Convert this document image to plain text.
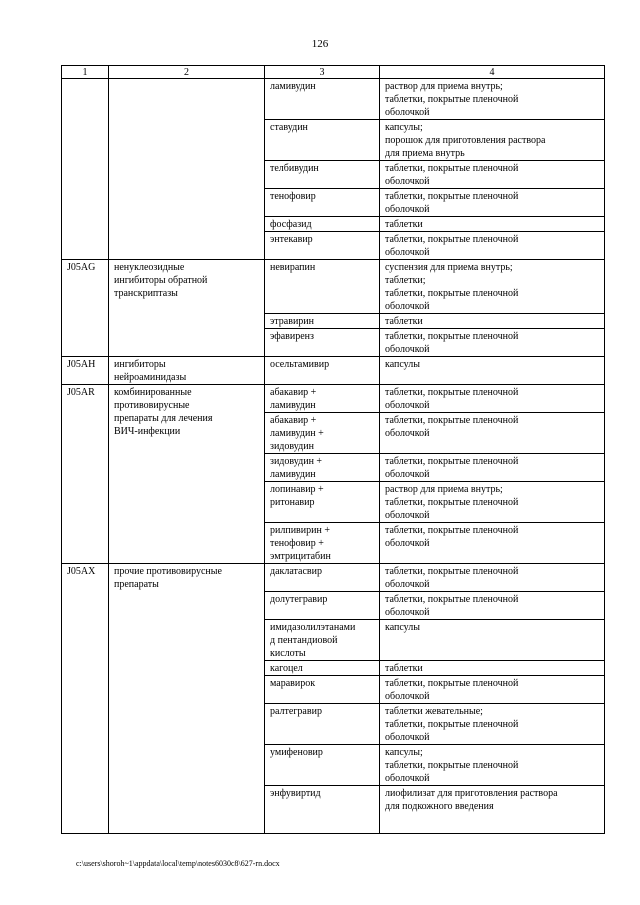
126
1	2	3	4

		ламивудин	раствор для приема внутрь;
таблетки, покрытые пленочной
оболочкой

		ставудин	капсулы;
порошок для приготовления раствора
для приема внутрь

		телбивудин	таблетки, покрытые пленочной
оболочкой

		тенофовир	таблетки, покрытые пленочной
оболочкой

		фосфазид	таблетки

		энтекавир	таблетки, покрытые пленочной
оболочкой

J05AG	ненуклеозидные
ингибиторы обратной
транскриптазы	невирапин	суспензия для приема внутрь;
таблетки;
таблетки, покрытые пленочной
оболочкой

		этравирин	таблетки

		эфавиренз	таблетки, покрытые пленочной
оболочкой

J05AH	ингибиторы
нейроаминидазы	осельтамивир	капсулы

J05AR	комбинированные
противовирусные
препараты для лечения
ВИЧ-инфекции	абакавир +
ламивудин	таблетки, покрытые пленочной
оболочкой

		абакавир +
ламивудин +
зидовудин	таблетки, покрытые пленочной
оболочкой

		зидовудин +
ламивудин	таблетки, покрытые пленочной
оболочкой

		лопинавир +
ритонавир	раствор для приема внутрь;
таблетки, покрытые пленочной
оболочкой

		рилпивирин +
тенофовир +
эмтрицитабин	таблетки, покрытые пленочной
оболочкой

J05AX	прочие противовирусные
препараты	даклатасвир	таблетки, покрытые пленочной
оболочкой

		долутегравир	таблетки, покрытые пленочной
оболочкой

		имидазолилэтанами
д пентандиовой
кислоты	капсулы

		кагоцел	таблетки

		маравирок	таблетки, покрытые пленочной
оболочкой

		ралтегравир	таблетки жевательные;
таблетки, покрытые пленочной
оболочкой

		умифеновир	капсулы;
таблетки, покрытые пленочной
оболочкой

		энфувиртид	лиофилизат для приготовления раствора
для подкожного введения
c:\users\shoroh~1\appdata\local\temp\notes6030c8\627-rn.docx
